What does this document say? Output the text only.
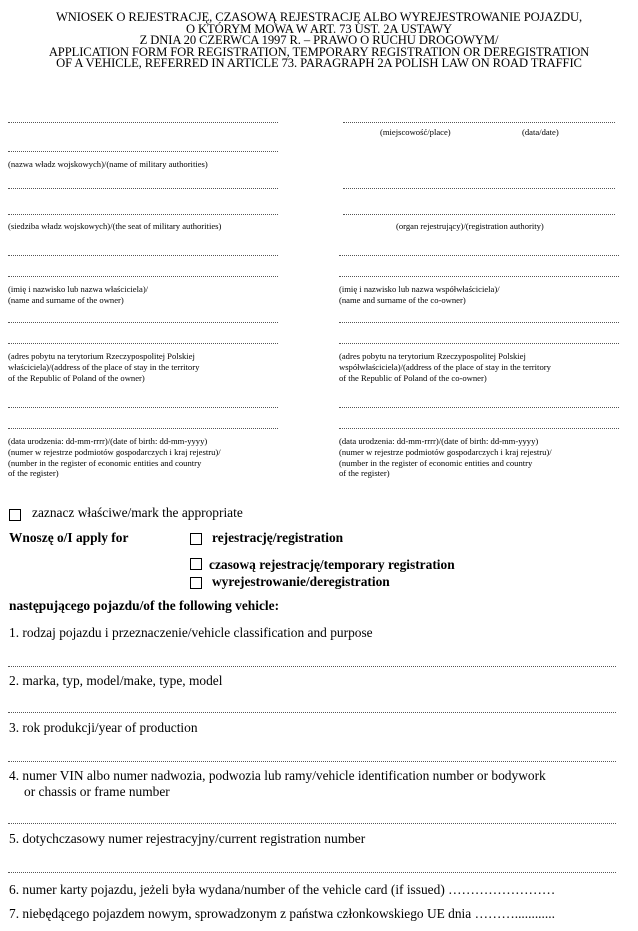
WNIOSEK O REJESTRACJĘ, CZASOWĄ REJESTRACJĘ ALBO WYREJESTROWANIE POJAZDU,
O KTÓRYM MOWA W ART. 73 UST. 2A USTAWY
Z DNIA 20 CZERWCA 1997 R. – PRAWO O RUCHU DROGOWYM/
APPLICATION FORM FOR REGISTRATION, TEMPORARY REGISTRATION OR DEREGISTRATION
OF A VEHICLE, REFERRED IN ARTICLE 73. PARAGRAPH 2A POLISH LAW ON ROAD TRAFFIC
(miejscowość/place)	(data/date)
(nazwa władz wojskowych)/(name of military authorities)
(siedziba władz wojskowych)/(the seat of military authorities)	(organ rejestrujący)/(registration authority)
(imię i nazwisko lub nazwa właściciela)/
(name and surname of the owner)
(imię i nazwisko lub nazwa współwłaściciela)/
(name and surname of the co-owner)
(adres pobytu na terytorium Rzeczypospolitej Polskiej
właściciela)/(address of the place of stay in the territory
of the Republic of Poland of the owner)
(adres pobytu na terytorium Rzeczypospolitej Polskiej
współwłaściciela)/(address of the place of stay in the territory
of the Republic of Poland of the co-owner)
(data urodzenia: dd-mm-rrrr)/(date of birth: dd-mm-yyyy)
(numer w rejestrze podmiotów gospodarczych i kraj rejestru)/
(number in the register of economic entities and country
of the register)
(data urodzenia: dd-mm-rrrr)/(date of birth: dd-mm-yyyy)
(numer w rejestrze podmiotów gospodarczych i kraj rejestru)/
(number in the register of economic entities and country
of the register)
zaznacz właściwe/mark the appropriate
Wnoszę o/I apply for	rejestrację/registration
czasową rejestrację/temporary registration
wyrejestrowanie/deregistration
następującego pojazdu/of the following vehicle:
1. rodzaj pojazdu i przeznaczenie/vehicle classification and purpose
2. marka, typ, model/make, type, model
3. rok produkcji/year of production
4. numer VIN albo numer nadwozia, podwozia lub ramy/vehicle identification number or bodywork
or chassis or frame number
5. dotychczasowy numer rejestracyjny/current registration number
6. numer karty pojazdu, jeżeli była wydana/number of the vehicle card (if issued) ……………………
7. niebędącego pojazdem nowym, sprowadzonym z państwa członkowskiego UE dnia ………............
